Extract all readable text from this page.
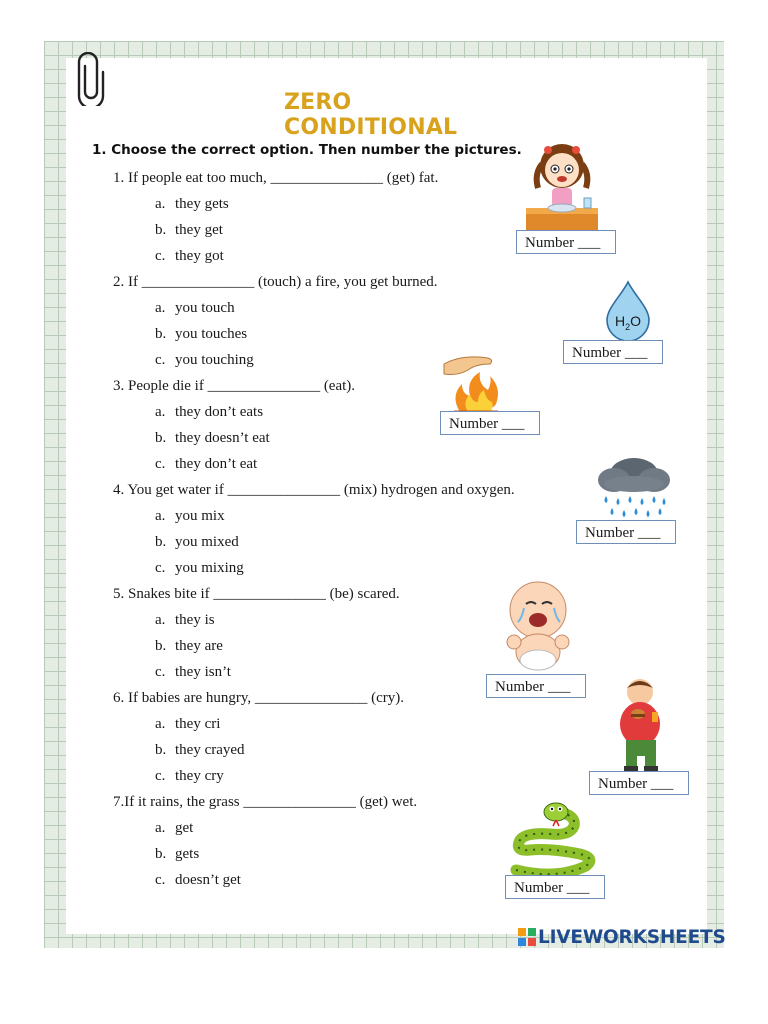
ZERO CONDITIONAL
1. Choose the correct option. Then number the pictures.
1. If people eat too much, _______________ (get) fat.
a. they gets
b. they get
c. they got
2. If _______________ (touch) a fire, you get burned.
a. you touch
b. you touches
c. you touching
3. People die if _______________ (eat).
a. they don’t eats
b. they doesn’t eat
c. they don’t eat
4. You get water if _______________ (mix) hydrogen and oxygen.
a. you mix
b. you mixed
c. you mixing
5. Snakes bite if _______________ (be) scared.
a. they is
b. they are
c. they isn’t
6. If babies are hungry, _______________ (cry).
a. they cri
b. they crayed
c. they cry
7.If it rains, the grass _______________ (get) wet.
a. get
b. gets
c. doesn’t get
Number ___
$H_2O$
Number ___
Number ___
Number ___
Number ___
Number ___
Number ___
LIVEWORKSHEETS
